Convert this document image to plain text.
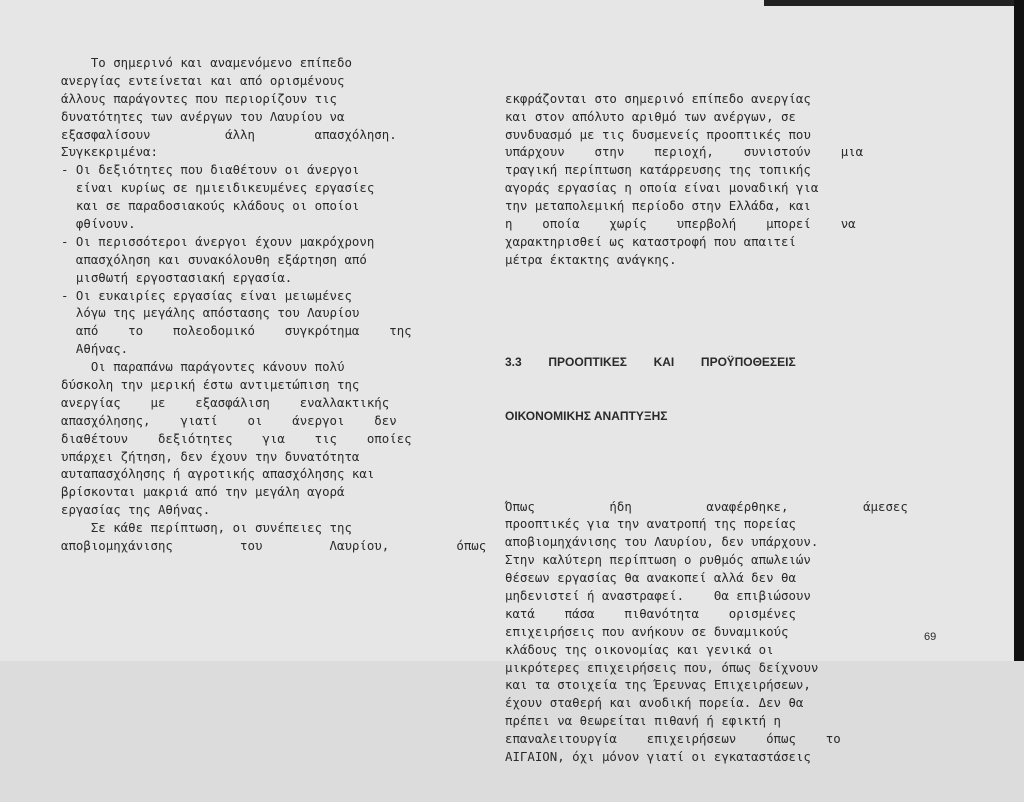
Το σημερινό και αναμενόμενο επίπεδο
ανεργίας εντείνεται και από ορισμένους
άλλους παράγοντες που περιορίζουν τις
δυνατότητες των ανέργων του Λαυρίου να
εξασφαλίσουν          άλλη        απασχόληση.
Συγκεκριμένα:
- Οι δεξιότητες που διαθέτουν οι άνεργοι
είναι κυρίως σε ημιειδικευμένες εργασίες
και σε παραδοσιακούς κλάδους οι οποίοι
φθίνουν.
- Οι περισσότεροι άνεργοι έχουν μακρόχρονη
απασχόληση και συνακόλουθη εξάρτηση από
μισθωτή εργοστασιακή εργασία.
- Οι ευκαιρίες εργασίας είναι μειωμένες
λόγω της μεγάλης απόστασης του Λαυρίου
από    το    πολεοδομικό    συγκρότημα    της
Αθήνας.
Οι παραπάνω παράγοντες κάνουν πολύ
δύσκολη την μερική έστω αντιμετώπιση της
ανεργίας    με    εξασφάλιση    εναλλακτικής
απασχόλησης,    γιατί    οι    άνεργοι    δεν
διαθέτουν    δεξιότητες    για    τις    οποίες
υπάρχει ζήτηση, δεν έχουν την δυνατότητα
αυταπασχόλησης ή αγροτικής απασχόλησης και
βρίσκονται μακριά από την μεγάλη αγορά
εργασίας της Αθήνας.
Σε κάθε περίπτωση, οι συνέπειες της
αποβιομηχάνισης         του         Λαυρίου,         όπως

εκφράζονται στο σημερινό επίπεδο ανεργίας
και στον απόλυτο αριθμό των ανέργων, σε
συνδυασμό με τις δυσμενείς προοπτικές που
υπάρχουν    στην    περιοχή,    συνιστούν    μια
τραγική περίπτωση κατάρρευσης της τοπικής
αγοράς εργασίας η οποία είναι μοναδική για
την μεταπολεμική περίοδο στην Ελλάδα, και
η    οποία    χωρίς    υπερβολή    μπορεί    να
χαρακτηρισθεί ως καταστροφή που απαιτεί
μέτρα έκτακτης ανάγκης.

3.3        ΠΡΟΟΠΤΙΚΕΣ        ΚΑΙ        ΠΡΟΫΠΟΘΕΣΕΙΣ

ΟΙΚΟΝΟΜΙΚΗΣ ΑΝΑΠΤΥΞΗΣ

Όπως          ήδη          αναφέρθηκε,          άμεσες
προοπτικές για την ανατροπή της πορείας
αποβιομηχάνισης του Λαυρίου, δεν υπάρχουν.
Στην καλύτερη περίπτωση ο ρυθμός απωλειών
θέσεων εργασίας θα ανακοπεί αλλά δεν θα
μηδενιστεί ή αναστραφεί.    Θα επιβιώσουν
κατά    πάσα    πιθανότητα    ορισμένες
επιχειρήσεις που ανήκουν σε δυναμικούς
κλάδους της οικονομίας και γενικά οι
μικρότερες επιχειρήσεις που, όπως δείχνουν
και τα στοιχεία της Έρευνας Επιχειρήσεων,
έχουν σταθερή και ανοδική πορεία. Δεν θα
πρέπει να θεωρείται πιθανή ή εφικτή η
επαναλειτουργία    επιχειρήσεων    όπως    το
ΑΙΓΑΙΟΝ, όχι μόνον γιατί οι εγκαταστάσεις

69
